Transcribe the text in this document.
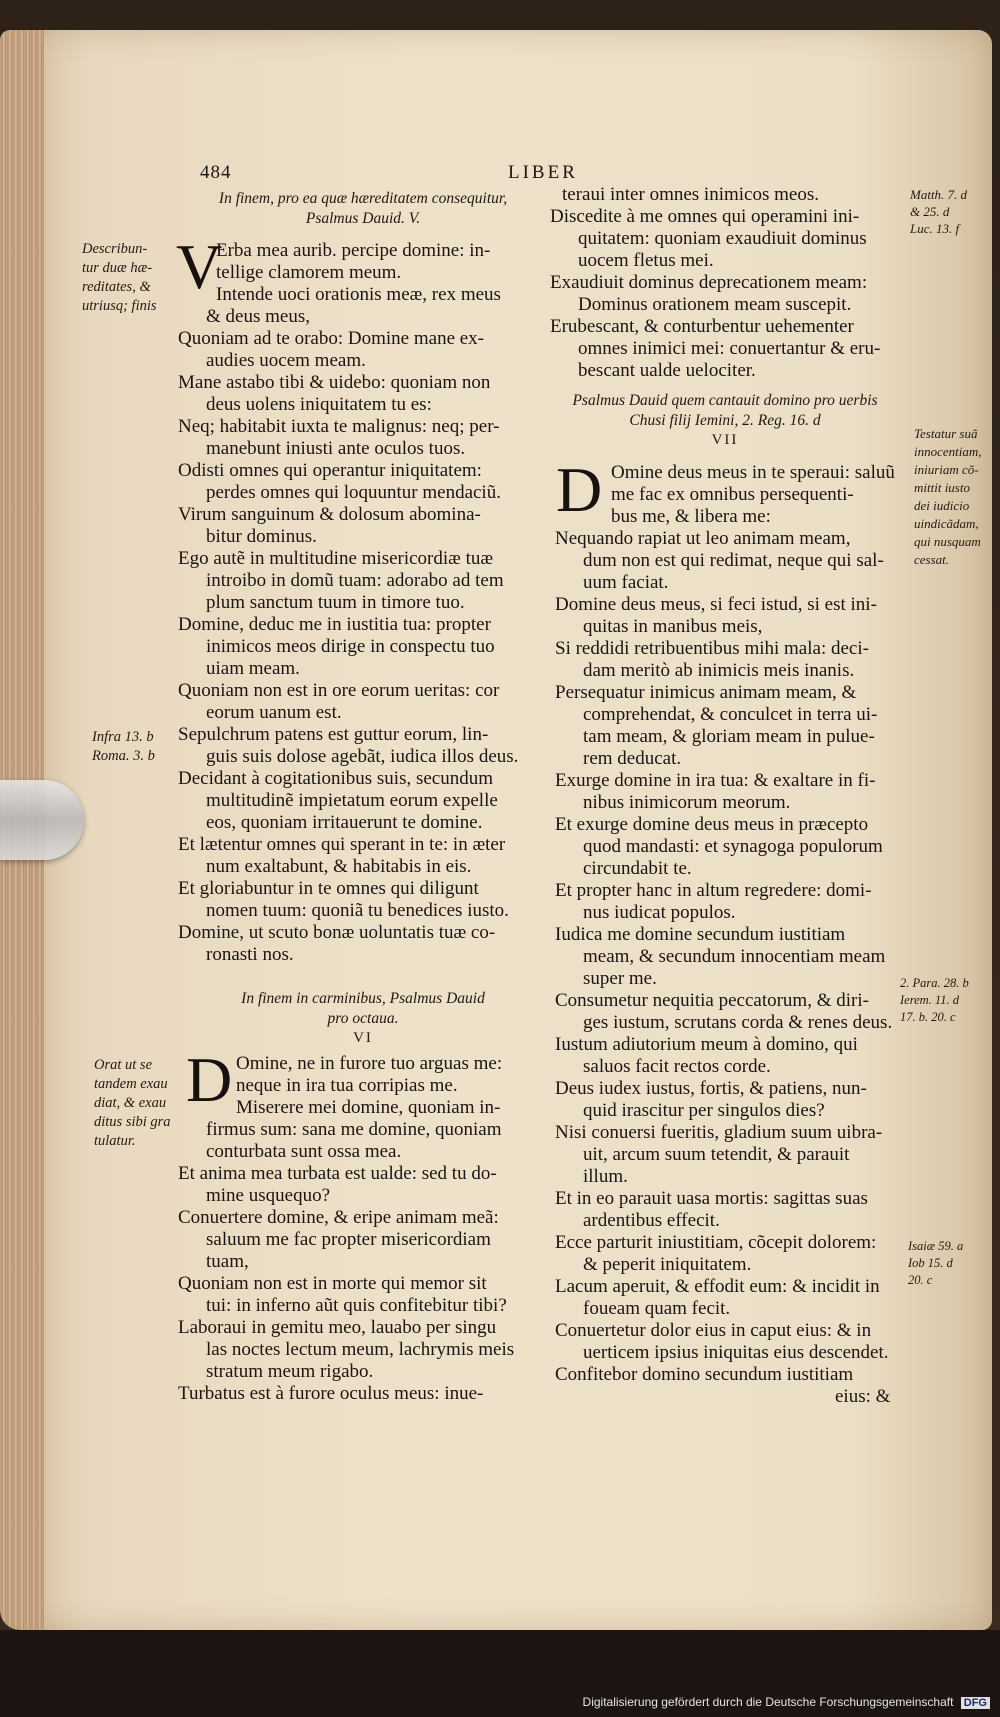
484	LIBER
In finem, pro ea quæ hæreditatem consequitur,
Psalmus Dauid. V.
V
Erba mea aurib. percipe domine: in-
tellige clamorem meum.
Intende uoci orationis meæ, rex meus
& deus meus,
Quoniam ad te orabo: Domine mane ex-
audies uocem meam.
Mane astabo tibi & uidebo: quoniam non
deus uolens iniquitatem tu es:
Neq; habitabit iuxta te malignus: neq; per-
manebunt iniusti ante oculos tuos.
Odisti omnes qui operantur iniquitatem:
perdes omnes qui loquuntur mendaciũ.
Virum sanguinum & dolosum abomina-
bitur dominus.
Ego autẽ in multitudine misericordiæ tuæ
introibo in domũ tuam: adorabo ad tem
plum sanctum tuum in timore tuo.
Domine, deduc me in iustitia tua: propter
inimicos meos dirige in conspectu tuo
uiam meam.
Quoniam non est in ore eorum ueritas: cor
eorum uanum est.
Sepulchrum patens est guttur eorum, lin-
guis suis dolose agebãt, iudica illos deus.
Decidant à cogitationibus suis, secundum
multitudinẽ impietatum eorum expelle
eos, quoniam irritauerunt te domine.
Et lætentur omnes qui sperant in te: in æter
num exaltabunt, & habitabis in eis.
Et gloriabuntur in te omnes qui diligunt
nomen tuum: quoniã tu benedices iusto.
Domine, ut scuto bonæ uoluntatis tuæ co-
ronasti nos.
In finem in carminibus, Psalmus Dauid
pro octaua.
VI
D Omine, ne in furore tuo arguas me:
neque in ira tua corripias me.
Miserere mei domine, quoniam in-
firmus sum: sana me domine, quoniam
conturbata sunt ossa mea.
Et anima mea turbata est ualde: sed tu do-
mine usquequo?
Conuertere domine, & eripe animam meã:
saluum me fac propter misericordiam
tuam,
Quoniam non est in morte qui memor sit
tui: in inferno aũt quis confitebitur tibi?
Laboraui in gemitu meo, lauabo per singu
las noctes lectum meum, lachrymis meis
stratum meum rigabo.
Turbatus est à furore oculus meus: inue-
Describun-
tur duæ hæ-
reditates, &
utriusq; finis
Infra 13. b
Roma. 3. b
Orat ut se
tandem exau
diat, & exau
ditus sibi gra
tulatur.
teraui inter omnes inimicos meos.
Discedite à me omnes qui operamini ini-
quitatem: quoniam exaudiuit dominus
uocem fletus mei.
Exaudiuit dominus deprecationem meam:
Dominus orationem meam suscepit.
Erubescant, & conturbentur uehementer
omnes inimici mei: conuertantur & eru-
bescant ualde uelociter.
Psalmus Dauid quem cantauit domino pro uerbis
Chusi filij Iemini, 2. Reg. 16. d
VII
D Omine deus meus in te speraui: saluũ
me fac ex omnibus persequenti-
bus me, & libera me:
Nequando rapiat ut leo animam meam,
dum non est qui redimat, neque qui sal-
uum faciat.
Domine deus meus, si feci istud, si est ini-
quitas in manibus meis,
Si reddidi retribuentibus mihi mala: deci-
dam meritò ab inimicis meis inanis.
Persequatur inimicus animam meam, &
comprehendat, & conculcet in terra ui-
tam meam, & gloriam meam in pulue-
rem deducat.
Exurge domine in ira tua: & exaltare in fi-
nibus inimicorum meorum.
Et exurge domine deus meus in præcepto
quod mandasti: et synagoga populorum
circundabit te.
Et propter hanc in altum regredere: domi-
nus iudicat populos.
Iudica me domine secundum iustitiam
meam, & secundum innocentiam meam
super me.
Consumetur nequitia peccatorum, & diri-
ges iustum, scrutans corda & renes deus.
Iustum adiutorium meum à domino, qui
saluos facit rectos corde.
Deus iudex iustus, fortis, & patiens, nun-
quid irascitur per singulos dies?
Nisi conuersi fueritis, gladium suum uibra-
uit, arcum suum tetendit, & parauit
illum.
Et in eo parauit uasa mortis: sagittas suas
ardentibus effecit.
Ecce parturit iniustitiam, cõcepit dolorem:
& peperit iniquitatem.
Lacum aperuit, & effodit eum: & incidit in
foueam quam fecit.
Conuertetur dolor eius in caput eius: & in
uerticem ipsius iniquitas eius descendet.
Confitebor domino secundum iustitiam
eius: &
Matth. 7. d
& 25. d
Luc. 13. f
Testatur suã
innocentiam,
iniuriam cõ-
mittit iusto
dei iudicio
uindicãdam,
qui nusquam
cessat.
2. Para. 28. b
Ierem. 11. d
17. b. 20. c
Isaiæ 59. a
Iob 15. d
20. c
Digitalisierung gefördert durch die Deutsche Forschungsgemeinschaft DFG
